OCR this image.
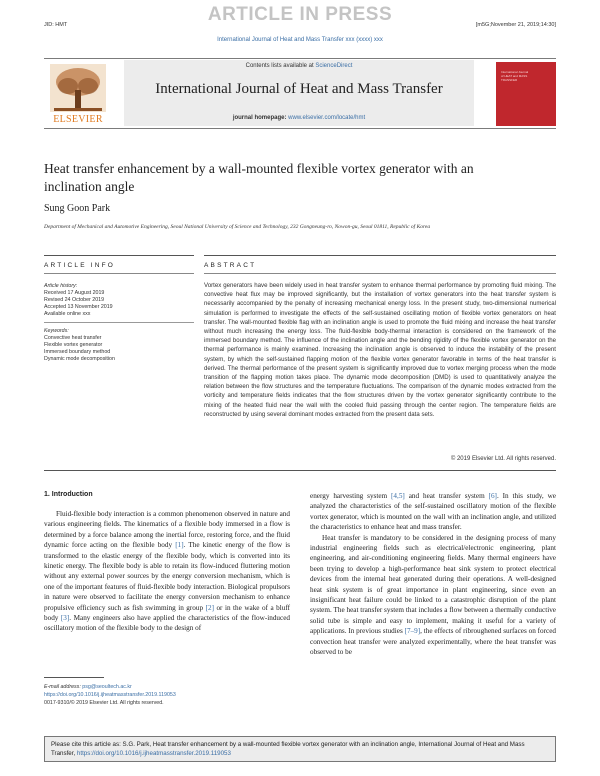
ARTICLE IN PRESS
JID: HMT	[m5G;November 21, 2019;14:30]
International Journal of Heat and Mass Transfer xxx (xxxx) xxx
ELSEVIER
Contents lists available at ScienceDirect
International Journal of Heat and Mass Transfer
journal homepage: www.elsevier.com/locate/hmt
International Journal of HEAT and MASS TRANSFER
Heat transfer enhancement by a wall-mounted flexible vortex generator with an inclination angle
Sung Goon Park
Department of Mechanical and Automotive Engineering, Seoul National University of Science and Technology, 232 Gongneung-ro, Nowon-gu, Seoul 01811, Republic of Korea
ARTICLE INFO	ABSTRACT
Article history:
Received 17 August 2019
Revised 24 October 2019
Accepted 13 November 2019
Available online xxx
Keywords:
Convective heat transfer
Flexible vortex generator
Immersed boundary method
Dynamic mode decomposition
Vortex generators have been widely used in heat transfer system to enhance thermal performance by promoting fluid mixing. The convective heat flux may be improved significantly, but the installation of vortex generators into the heat transfer system is necessarily accompanied by the penalty of increasing mechanical energy loss. In the present study, two-dimensional numerical simulation is performed to investigate the effects of the self-sustained oscillating motion of flexible vortex generators on heat transfer. The wall-mounted flexible flag with an inclination angle is used to promote the fluid mixing and increase the heat transfer without much increasing the energy loss. The fluid-flexible body-thermal interaction is considered on the framework of the immersed boundary method. The influence of the inclination angle and the bending rigidity of the flexible vortex generator on the thermal performance is mainly examined. Increasing the inclination angle is observed to induce the instability of the present system, by which the self-sustained flapping motion of the flexible vortex generator favorable in terms of the heat transfer is derived. The thermal performance of the present system is significantly improved due to vortex merging process when the mode transition of the flapping motion takes place. The dynamic mode decomposition (DMD) is used to quantitatively analyze the relation between the flow structures and the temperature fluctuations. The comparison of the dynamic modes extracted from the vorticity and temperature fields indicates that the flow structures driven by the vortex generator significantly contribute to the mixing of the heated fluid near the wall with the cooled fluid passing through the center region. The temperature fields are reconstructed by using several dominant modes extracted from the present data sets.
© 2019 Elsevier Ltd. All rights reserved.
1. Introduction

Fluid-flexible body interaction is a common phenomenon observed in nature and various engineering fields. The kinematics of a flexible body immersed in a flow is determined by a force balance among the inertial force, restoring force, and the fluid dynamic force acting on the flexible body [1]. The kinetic energy of the flow is transformed to the elastic energy of the flexible body, which is converted into its kinetic energy. The flexible body is able to retain its flow-induced fluttering motion without any external power sources by the energy conversion mechanism, which is one of the important features of fluid-flexible body interaction. Biological propulsors in nature were observed to facilitate the energy conversion mechanism to enhance propulsive efficiency such as fish swimming in group [2] or in the wake of a bluff body [3]. Many engineers also have applied the characteristics of the flow-induced oscillatory motion of the flexible body to the design of

energy harvesting system [4,5] and heat transfer system [6]. In this study, we analyzed the characteristics of the self-sustained oscillatory motion of the flexible vortex generator, which is mounted on the wall with an inclination angle, and utilized the characteristics to enhance heat and mass transfer.

Heat transfer is mandatory to be considered in the designing process of many industrial engineering fields such as electrical/electronic engineering, plant engineering, and air-conditioning engineering fields. Many thermal engineers have been trying to develop a high-performance heat sink system to protect electrical devices from the internal heat generated during their operations. A well-designed heat sink system is of great importance in plant engineering, since even an insignificant heat failure could be linked to a catastrophic disruption of the plant system. The heat transfer system that includes a flow between a thermally conductive solid tube is simple and easy to implement, making it useful for a variety of applications. In previous studies [7–9], the effects of ribroughened surfaces on forced convection heat transfer were analyzed experimentally, where the heat transfer was observed to be

E-mail address: psg@seoultech.ac.kr
https://doi.org/10.1016/j.ijheatmasstransfer.2019.119053
0017-9310/© 2019 Elsevier Ltd. All rights reserved.
Please cite this article as: S.G. Park, Heat transfer enhancement by a wall-mounted flexible vortex generator with an inclination angle, International Journal of Heat and Mass Transfer, https://doi.org/10.1016/j.ijheatmasstransfer.2019.119053
